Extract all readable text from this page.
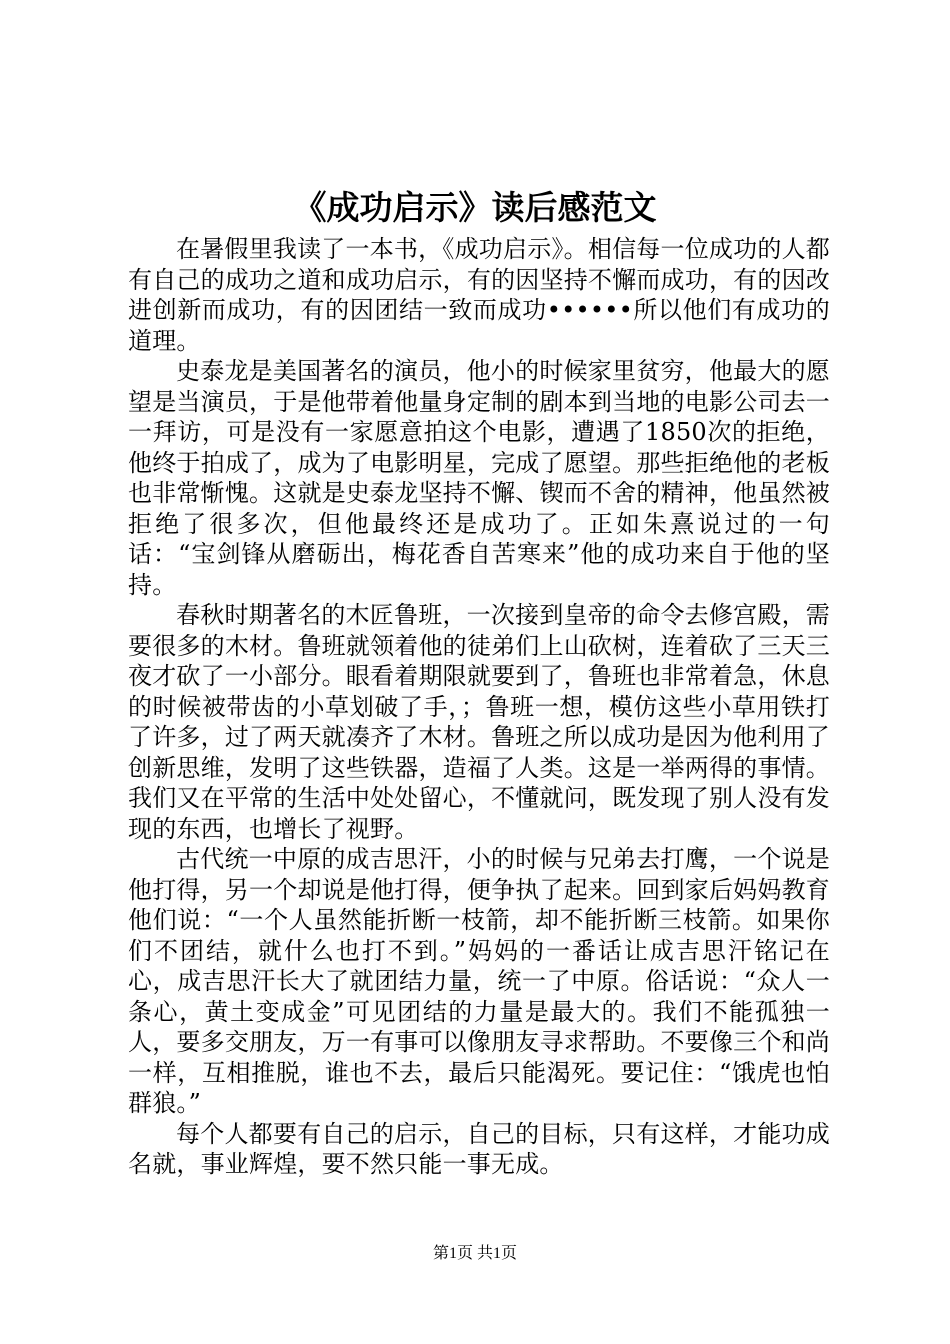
《成功启示》读后感范文

在暑假里我读了一本书，《成功启示》。相信每一位成功的人都有自己的成功之道和成功启示，有的因坚持不懈而成功，有的因改进创新而成功，有的因团结一致而成功••••••所以他们有成功的道理。

史泰龙是美国著名的演员，他小的时候家里贫穷，他最大的愿望是当演员，于是他带着他量身定制的剧本到当地的电影公司去一一拜访，可是没有一家愿意拍这个电影，遭遇了1850次的拒绝，他终于拍成了，成为了电影明星，完成了愿望。那些拒绝他的老板也非常惭愧。这就是史泰龙坚持不懈、锲而不舍的精神，他虽然被拒绝了很多次，但他最终还是成功了。正如朱熹说过的一句话：“宝剑锋从磨砺出，梅花香自苦寒来”他的成功来自于他的坚持。

春秋时期著名的木匠鲁班，一次接到皇帝的命令去修宫殿，需要很多的木材。鲁班就领着他的徒弟们上山砍树，连着砍了三天三夜才砍了一小部分。眼看着期限就要到了，鲁班也非常着急，休息的时候被带齿的小草划破了手，；鲁班一想，模仿这些小草用铁打了许多，过了两天就凑齐了木材。鲁班之所以成功是因为他利用了创新思维，发明了这些铁器，造福了人类。这是一举两得的事情。我们又在平常的生活中处处留心，不懂就问，既发现了别人没有发现的东西，也增长了视野。

古代统一中原的成吉思汗，小的时候与兄弟去打鹰，一个说是他打得，另一个却说是他打得，便争执了起来。回到家后妈妈教育他们说：“一个人虽然能折断一枝箭，却不能折断三枝箭。如果你们不团结，就什么也打不到。”妈妈的一番话让成吉思汗铭记在心，成吉思汗长大了就团结力量，统一了中原。俗话说：“众人一条心，黄土变成金”可见团结的力量是最大的。我们不能孤独一人，要多交朋友，万一有事可以像朋友寻求帮助。不要像三个和尚一样，互相推脱，谁也不去，最后只能渴死。要记住：“饿虎也怕群狼。”

每个人都要有自己的启示，自己的目标，只有这样，才能功成名就，事业辉煌，要不然只能一事无成。

第1页 共1页
